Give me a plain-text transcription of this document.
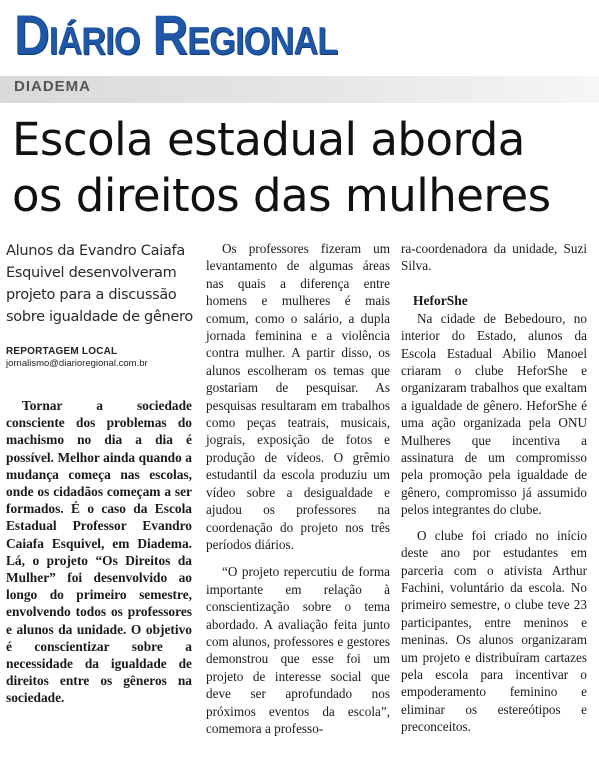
Diário Regional
DIADEMA
Escola estadual aborda
os direitos das mulheres
Alunos da Evandro Caiafa
Esquivel desenvolveram
projeto para a discussão
sobre igualdade de gênero
REPORTAGEM LOCAL
jornalismo@diarioregional.com.br

Tornar a sociedade consciente dos problemas do machismo no dia a dia é possível. Melhor ainda quando a mudança começa nas escolas, onde os cidadãos começam a ser formados. É o caso da Escola Estadual Professor Evandro Caiafa Esquivel, em Diadema. Lá, o projeto “Os Direitos da Mulher” foi desenvolvido ao longo do primeiro semestre, envolvendo todos os professores e alunos da unidade. O objetivo é conscientizar sobre a necessidade da igualdade de direitos entre os gêneros na sociedade.

Os professores fizeram um levantamento de algumas áreas nas quais a diferença entre homens e mulheres é mais comum, como o salário, a dupla jornada feminina e a violência contra mulher. A partir disso, os alunos escolheram os temas que gostariam de pesquisar. As pesquisas resultaram em trabalhos como peças teatrais, musicais, jograis, exposição de fotos e produção de vídeos. O grêmio estudantil da escola produziu um vídeo sobre a desigualdade e ajudou os professores na coordenação do projeto nos três períodos diários.

“O projeto repercutiu de forma importante em relação à conscientização sobre o tema abordado. A avaliação feita junto com alunos, professores e gestores demonstrou que esse foi um projeto de interesse social que deve ser aprofundado nos próximos eventos da escola”, comemora a professo-

ra-coordenadora da unidade, Suzi Silva.

HeforShe

Na cidade de Bebedouro, no interior do Estado, alunos da Escola Estadual Abilio Manoel criaram o clube HeforShe e organizaram trabalhos que exaltam a igualdade de gênero. HeforShe é uma ação organizada pela ONU Mulheres que incentiva a assinatura de um compromisso pela promoção pela igualdade de gênero, compromisso já assumido pelos integrantes do clube.

O clube foi criado no início deste ano por estudantes em parceria com o ativista Arthur Fachini, voluntário da escola. No primeiro semestre, o clube teve 23 participantes, entre meninos e meninas. Os alunos organizaram um projeto e distribuíram cartazes pela escola para incentivar o empoderamento feminino e eliminar os estereótipos e preconceitos.
